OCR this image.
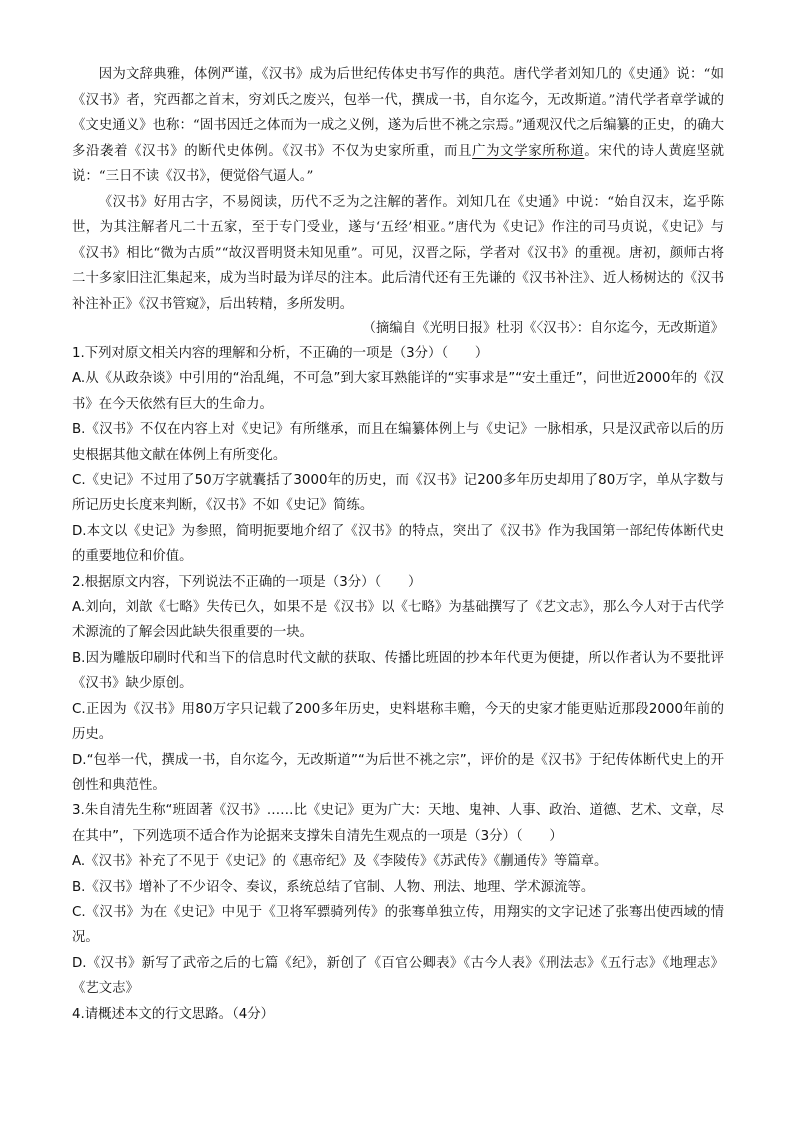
因为文辞典雅，体例严谨，《汉书》成为后世纪传体史书写作的典范。唐代学者刘知几的《史通》说：“如《汉书》者，究西都之首末，穷刘氏之废兴，包举一代，撰成一书，自尔迄今，无改斯道。”清代学者章学诚的《文史通义》也称：“固书因迁之体而为一成之义例，遂为后世不祧之宗焉。”通观汉代之后编纂的正史，的确大多沿袭着《汉书》的断代史体例。《汉书》不仅为史家所重，而且广为文学家所称道。宋代的诗人黄庭坚就说：“三日不读《汉书》，便觉俗气逼人。”

《汉书》好用古字，不易阅读，历代不乏为之注解的著作。刘知几在《史通》中说：“始自汉末，迄乎陈世，为其注解者凡二十五家，至于专门受业，遂与‘五经’相亚。”唐代为《史记》作注的司马贞说，《史记》与《汉书》相比“微为古质”“故汉晋明贤未知见重”。可见，汉晋之际，学者对《汉书》的重视。唐初，颜师古将二十多家旧注汇集起来，成为当时最为详尽的注本。此后清代还有王先谦的《汉书补注》、近人杨树达的《汉书补注补正》《汉书管窥》，后出转精，多所发明。

（摘编自《光明日报》杜羽《〈汉书〉：自尔迄今，无改斯道》

1.下列对原文相关内容的理解和分析，不正确的一项是（3分）（　　）

A.从《从政杂谈》中引用的“治乱绳，不可急”到大家耳熟能详的“实事求是”“安土重迁”，问世近2000年的《汉书》在今天依然有巨大的生命力。

B.《汉书》不仅在内容上对《史记》有所继承，而且在编纂体例上与《史记》一脉相承，只是汉武帝以后的历史根据其他文献在体例上有所变化。

C.《史记》不过用了50万字就囊括了3000年的历史，而《汉书》记200多年历史却用了80万字，单从字数与所记历史长度来判断，《汉书》不如《史记》简练。

D.本文以《史记》为参照，简明扼要地介绍了《汉书》的特点，突出了《汉书》作为我国第一部纪传体断代史的重要地位和价值。

2.根据原文内容，下列说法不正确的一项是（3分）（　　）

A.刘向，刘歆《七略》失传已久，如果不是《汉书》以《七略》为基础撰写了《艺文志》，那么今人对于古代学术源流的了解会因此缺失很重要的一块。

B.因为雕版印刷时代和当下的信息时代文献的获取、传播比班固的抄本年代更为便捷，所以作者认为不要批评《汉书》缺少原创。

C.正因为《汉书》用80万字只记载了200多年历史，史料堪称丰赡，今天的史家才能更贴近那段2000年前的历史。

D.“包举一代，撰成一书，自尔迄今，无改斯道”“为后世不祧之宗”，评价的是《汉书》于纪传体断代史上的开创性和典范性。

3.朱自清先生称“班固著《汉书》……比《史记》更为广大：天地、鬼神、人事、政治、道德、艺术、文章，尽在其中”，下列选项不适合作为论据来支撑朱自清先生观点的一项是（3分）（　　）

A.《汉书》补充了不见于《史记》的《惠帝纪》及《李陵传》《苏武传》《蒯通传》等篇章。

B.《汉书》增补了不少诏令、奏议，系统总结了官制、人物、刑法、地理、学术源流等。

C.《汉书》为在《史记》中见于《卫将军骠骑列传》的张骞单独立传，用翔实的文字记述了张骞出使西域的情况。

D.《汉书》新写了武帝之后的七篇《纪》，新创了《百官公卿表》《古今人表》《刑法志》《五行志》《地理志》《艺文志》

4.请概述本文的行文思路。（4分）
